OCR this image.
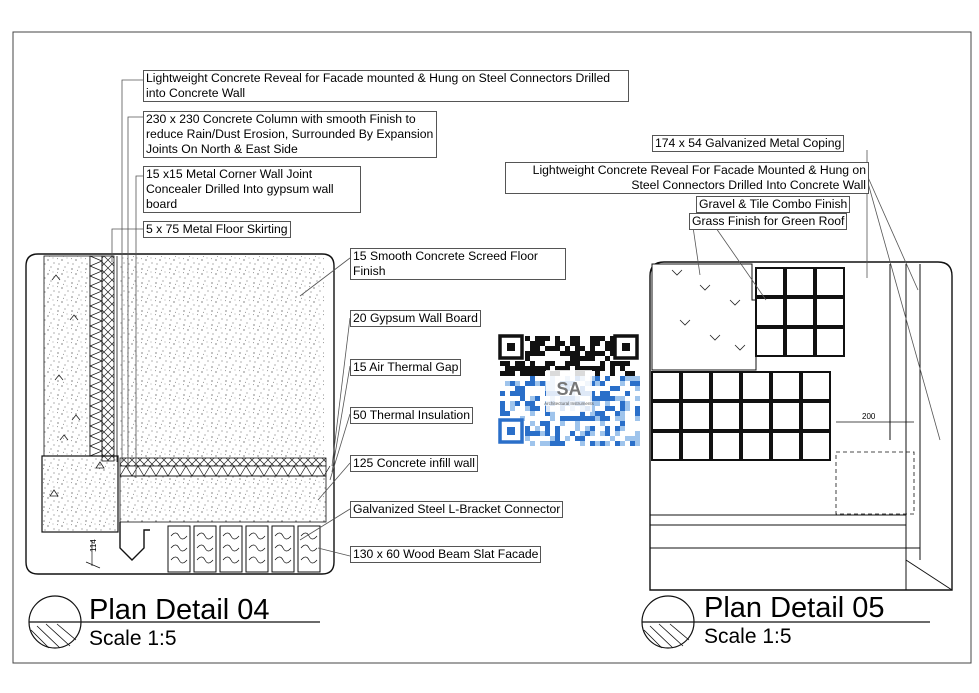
114
200
SA
Architectural Instruments
Lightweight Concrete Reveal for Facade mounted & Hung on Steel Connectors Drilled into Concrete Wall
230 x 230 Concrete Column with smooth Finish to reduce Rain/Dust Erosion, Surrounded By Expansion Joints On North & East Side
15 x15 Metal Corner Wall Joint Concealer Drilled Into gypsum wall board
5 x 75 Metal Floor Skirting
15 Smooth Concrete Screed Floor Finish
20 Gypsum Wall Board
15 Air Thermal Gap
50 Thermal Insulation
125 Concrete infill wall
Galvanized Steel L-Bracket Connector
130 x 60 Wood Beam Slat Facade
174 x 54 Galvanized Metal Coping
Lightweight Concrete Reveal For Facade Mounted & Hung on Steel Connectors Drilled Into Concrete Wall
Gravel & Tile Combo Finish
Grass Finish for Green Roof
Plan Detail 04
Scale 1:5
Plan Detail 05
Scale 1:5
